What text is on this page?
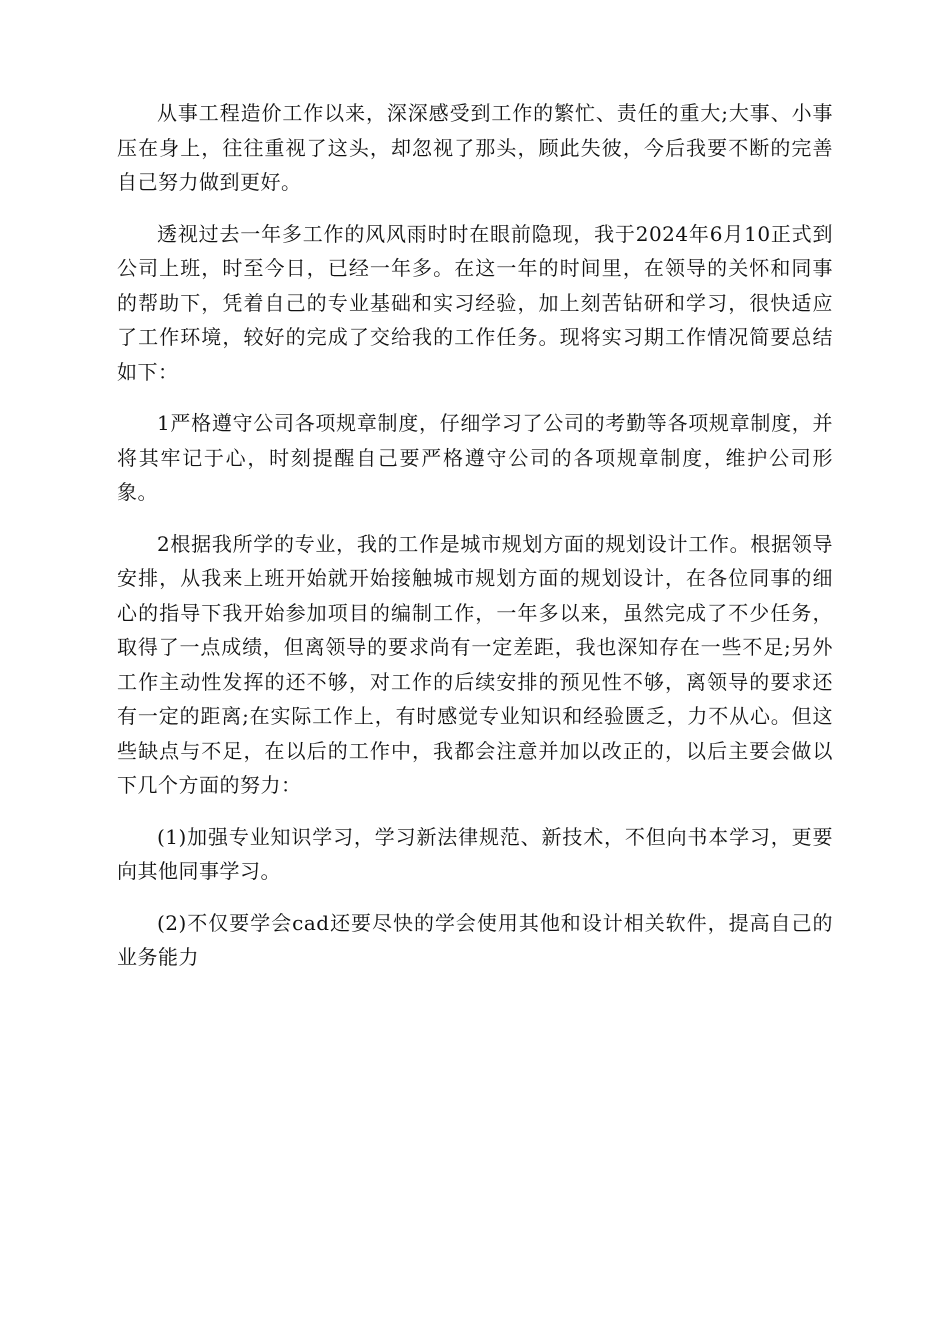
从事工程造价工作以来，深深感受到工作的繁忙、责任的重大;大事、小事压在身上，往往重视了这头，却忽视了那头，顾此失彼，今后我要不断的完善自己努力做到更好。

透视过去一年多工作的风风雨时时在眼前隐现，我于2024年6月10正式到公司上班，时至今日，已经一年多。在这一年的时间里，在领导的关怀和同事的帮助下，凭着自己的专业基础和实习经验，加上刻苦钻研和学习，很快适应了工作环境，较好的完成了交给我的工作任务。现将实习期工作情况简要总结如下：

1严格遵守公司各项规章制度，仔细学习了公司的考勤等各项规章制度，并将其牢记于心，时刻提醒自己要严格遵守公司的各项规章制度，维护公司形象。

2根据我所学的专业，我的工作是城市规划方面的规划设计工作。根据领导安排，从我来上班开始就开始接触城市规划方面的规划设计，在各位同事的细心的指导下我开始参加项目的编制工作，一年多以来，虽然完成了不少任务，取得了一点成绩，但离领导的要求尚有一定差距，我也深知存在一些不足;另外工作主动性发挥的还不够，对工作的后续安排的预见性不够，离领导的要求还有一定的距离;在实际工作上，有时感觉专业知识和经验匮乏，力不从心。但这些缺点与不足，在以后的工作中，我都会注意并加以改正的，以后主要会做以下几个方面的努力：

(1)加强专业知识学习，学习新法律规范、新技术，不但向书本学习，更要向其他同事学习。

(2)不仅要学会cad还要尽快的学会使用其他和设计相关软件，提高自己的业务能力
